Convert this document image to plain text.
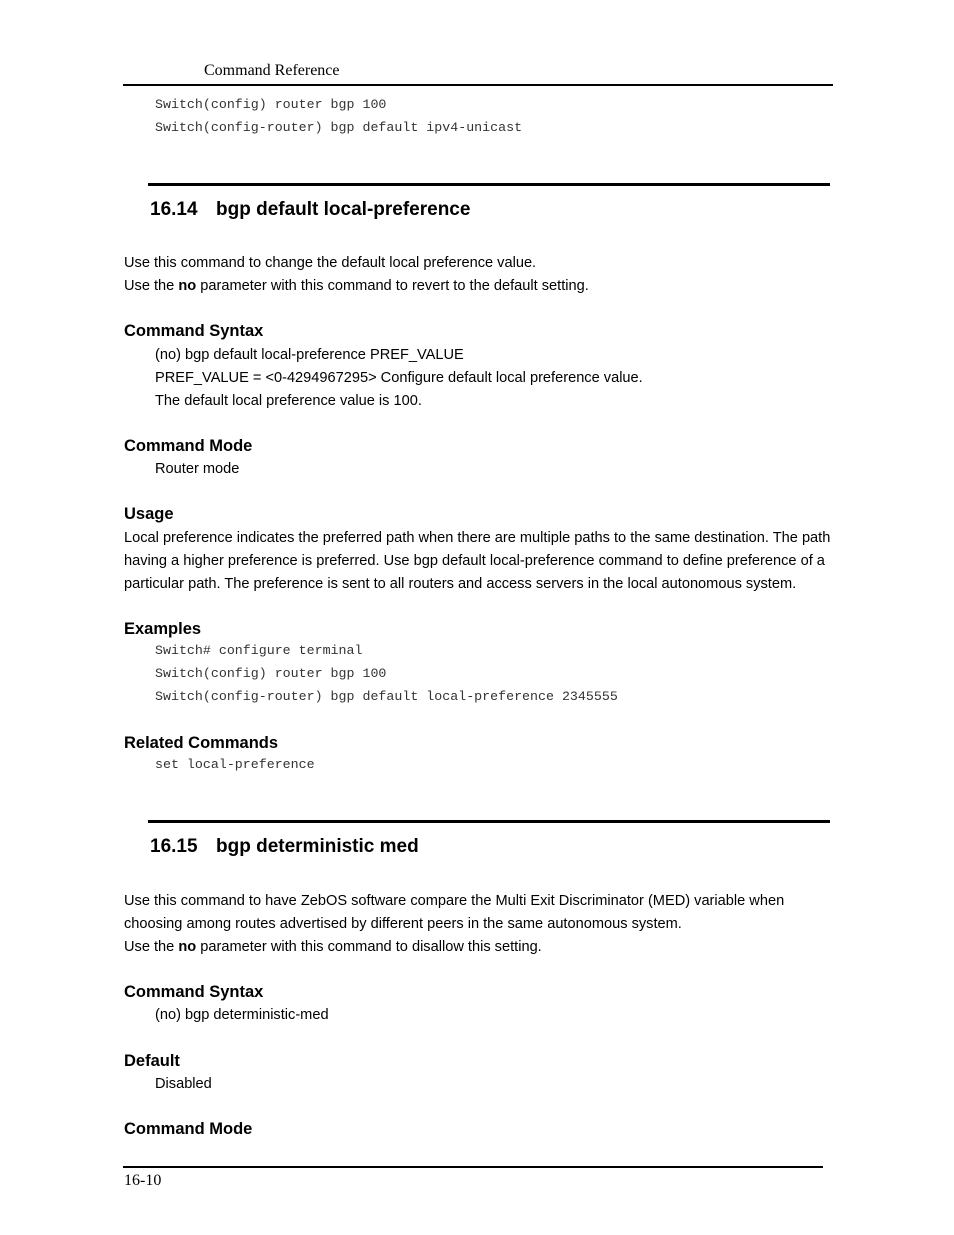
Command Reference
Switch(config) router bgp 100
Switch(config-router) bgp default ipv4-unicast
16.14 bgp default local-preference
Use this command to change the default local preference value.
Use the no parameter with this command to revert to the default setting.
Command Syntax
(no) bgp default local-preference PREF_VALUE
PREF_VALUE = <0-4294967295> Configure default local preference value.
The default local preference value is 100.
Command Mode
Router mode
Usage
Local preference indicates the preferred path when there are multiple paths to the same destination. The path
having a higher preference is preferred. Use bgp default local-preference command to define preference of a
particular path. The preference is sent to all routers and access servers in the local autonomous system.
Examples
Switch# configure terminal
Switch(config) router bgp 100
Switch(config-router) bgp default local-preference 2345555
Related Commands
set local-preference
16.15 bgp deterministic med
Use this command to have ZebOS software compare the Multi Exit Discriminator (MED) variable when
choosing among routes advertised by different peers in the same autonomous system.
Use the no parameter with this command to disallow this setting.
Command Syntax
(no) bgp deterministic-med
Default
Disabled
Command Mode
16-10
